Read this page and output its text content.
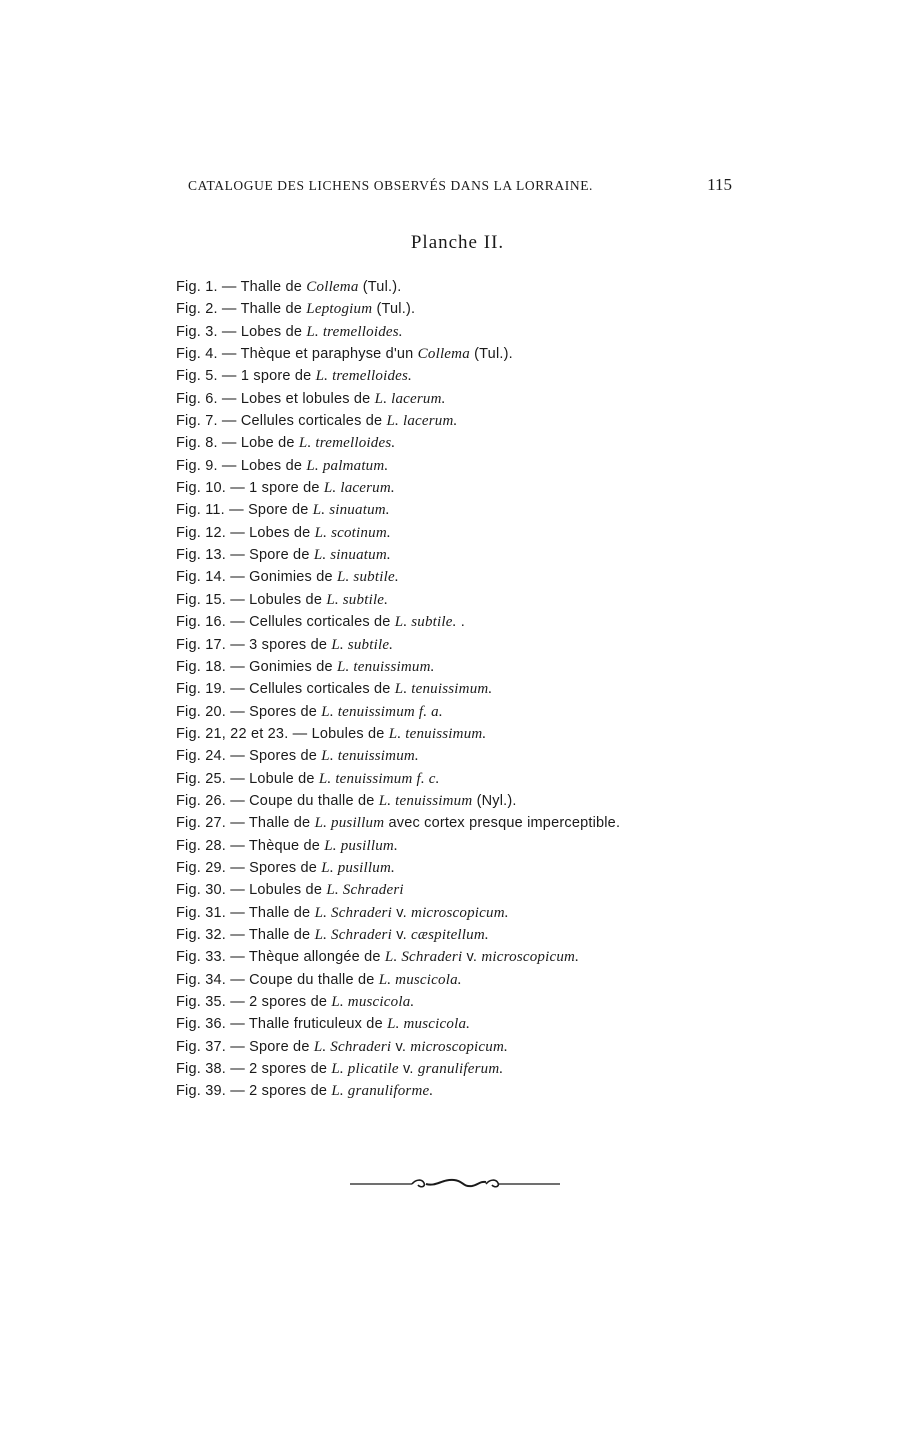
CATALOGUE DES LICHENS OBSERVÉS DANS LA LORRAINE.	115
Planche II.
Fig. 1. — Thalle de Collema (Tul.).
Fig. 2. — Thalle de Leptogium (Tul.).
Fig. 3. — Lobes de L. tremelloides.
Fig. 4. — Thèque et paraphyse d'un Collema (Tul.).
Fig. 5. — 1 spore de L. tremelloides.
Fig. 6. — Lobes et lobules de L. lacerum.
Fig. 7. — Cellules corticales de L. lacerum.
Fig. 8. — Lobe de L. tremelloides.
Fig. 9. — Lobes de L. palmatum.
Fig. 10. — 1 spore de L. lacerum.
Fig. 11. — Spore de L. sinuatum.
Fig. 12. — Lobes de L. scotinum.
Fig. 13. — Spore de L. sinuatum.
Fig. 14. — Gonimies de L. subtile.
Fig. 15. — Lobules de L. subtile.
Fig. 16. — Cellules corticales de L. subtile. .
Fig. 17. — 3 spores de L. subtile.
Fig. 18. — Gonimies de L. tenuissimum.
Fig. 19. — Cellules corticales de L. tenuissimum.
Fig. 20. — Spores de L. tenuissimum f. a.
Fig. 21, 22 et 23. — Lobules de L. tenuissimum.
Fig. 24. — Spores de L. tenuissimum.
Fig. 25. — Lobule de L. tenuissimum f. c.
Fig. 26. — Coupe du thalle de L. tenuissimum (Nyl.).
Fig. 27. — Thalle de L. pusillum avec cortex presque imperceptible.
Fig. 28. — Thèque de L. pusillum.
Fig. 29. — Spores de L. pusillum.
Fig. 30. — Lobules de L. Schraderi
Fig. 31. — Thalle de L. Schraderi v. microscopicum.
Fig. 32. — Thalle de L. Schraderi v. cæspitellum.
Fig. 33. — Thèque allongée de L. Schraderi v. microscopicum.
Fig. 34. — Coupe du thalle de L. muscicola.
Fig. 35. — 2 spores de L. muscicola.
Fig. 36. — Thalle fruticuleux de L. muscicola.
Fig. 37. — Spore de L. Schraderi v. microscopicum.
Fig. 38. — 2 spores de L. plicatile v. granuliferum.
Fig. 39. — 2 spores de L. granuliforme.
